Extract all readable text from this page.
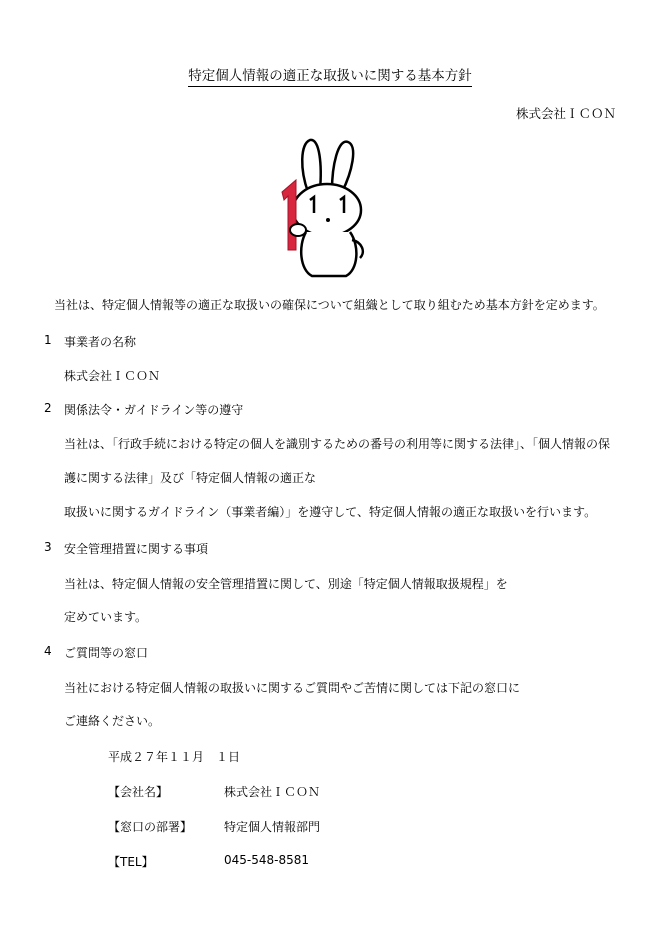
特定個人情報の適正な取扱いに関する基本方針
株式会社ＩＣＯＮ
当社は、特定個人情報等の適正な取扱いの確保について組織として取り組むため基本方針を定めます。
1 事業者の名称
株式会社ＩＣＯＮ
2 関係法令・ガイドライン等の遵守
当社は、「行政手続における特定の個人を識別するための番号の利用等に関する法律」、「個人情報の保
護に関する法律」及び「特定個人情報の適正な
取扱いに関するガイドライン（事業者編）」を遵守して、特定個人情報の適正な取扱いを行います。
3 安全管理措置に関する事項
当社は、特定個人情報の安全管理措置に関して、別途「特定個人情報取扱規程」を
定めています。
4 ご質問等の窓口
当社における特定個人情報の取扱いに関するご質問やご苦情に関しては下記の窓口に
ご連絡ください。
平成２７年１１月　１日
【会社名】	株式会社ＩＣＯＮ
【窓口の部署】	特定個人情報部門
【TEL】	045-548-8581
